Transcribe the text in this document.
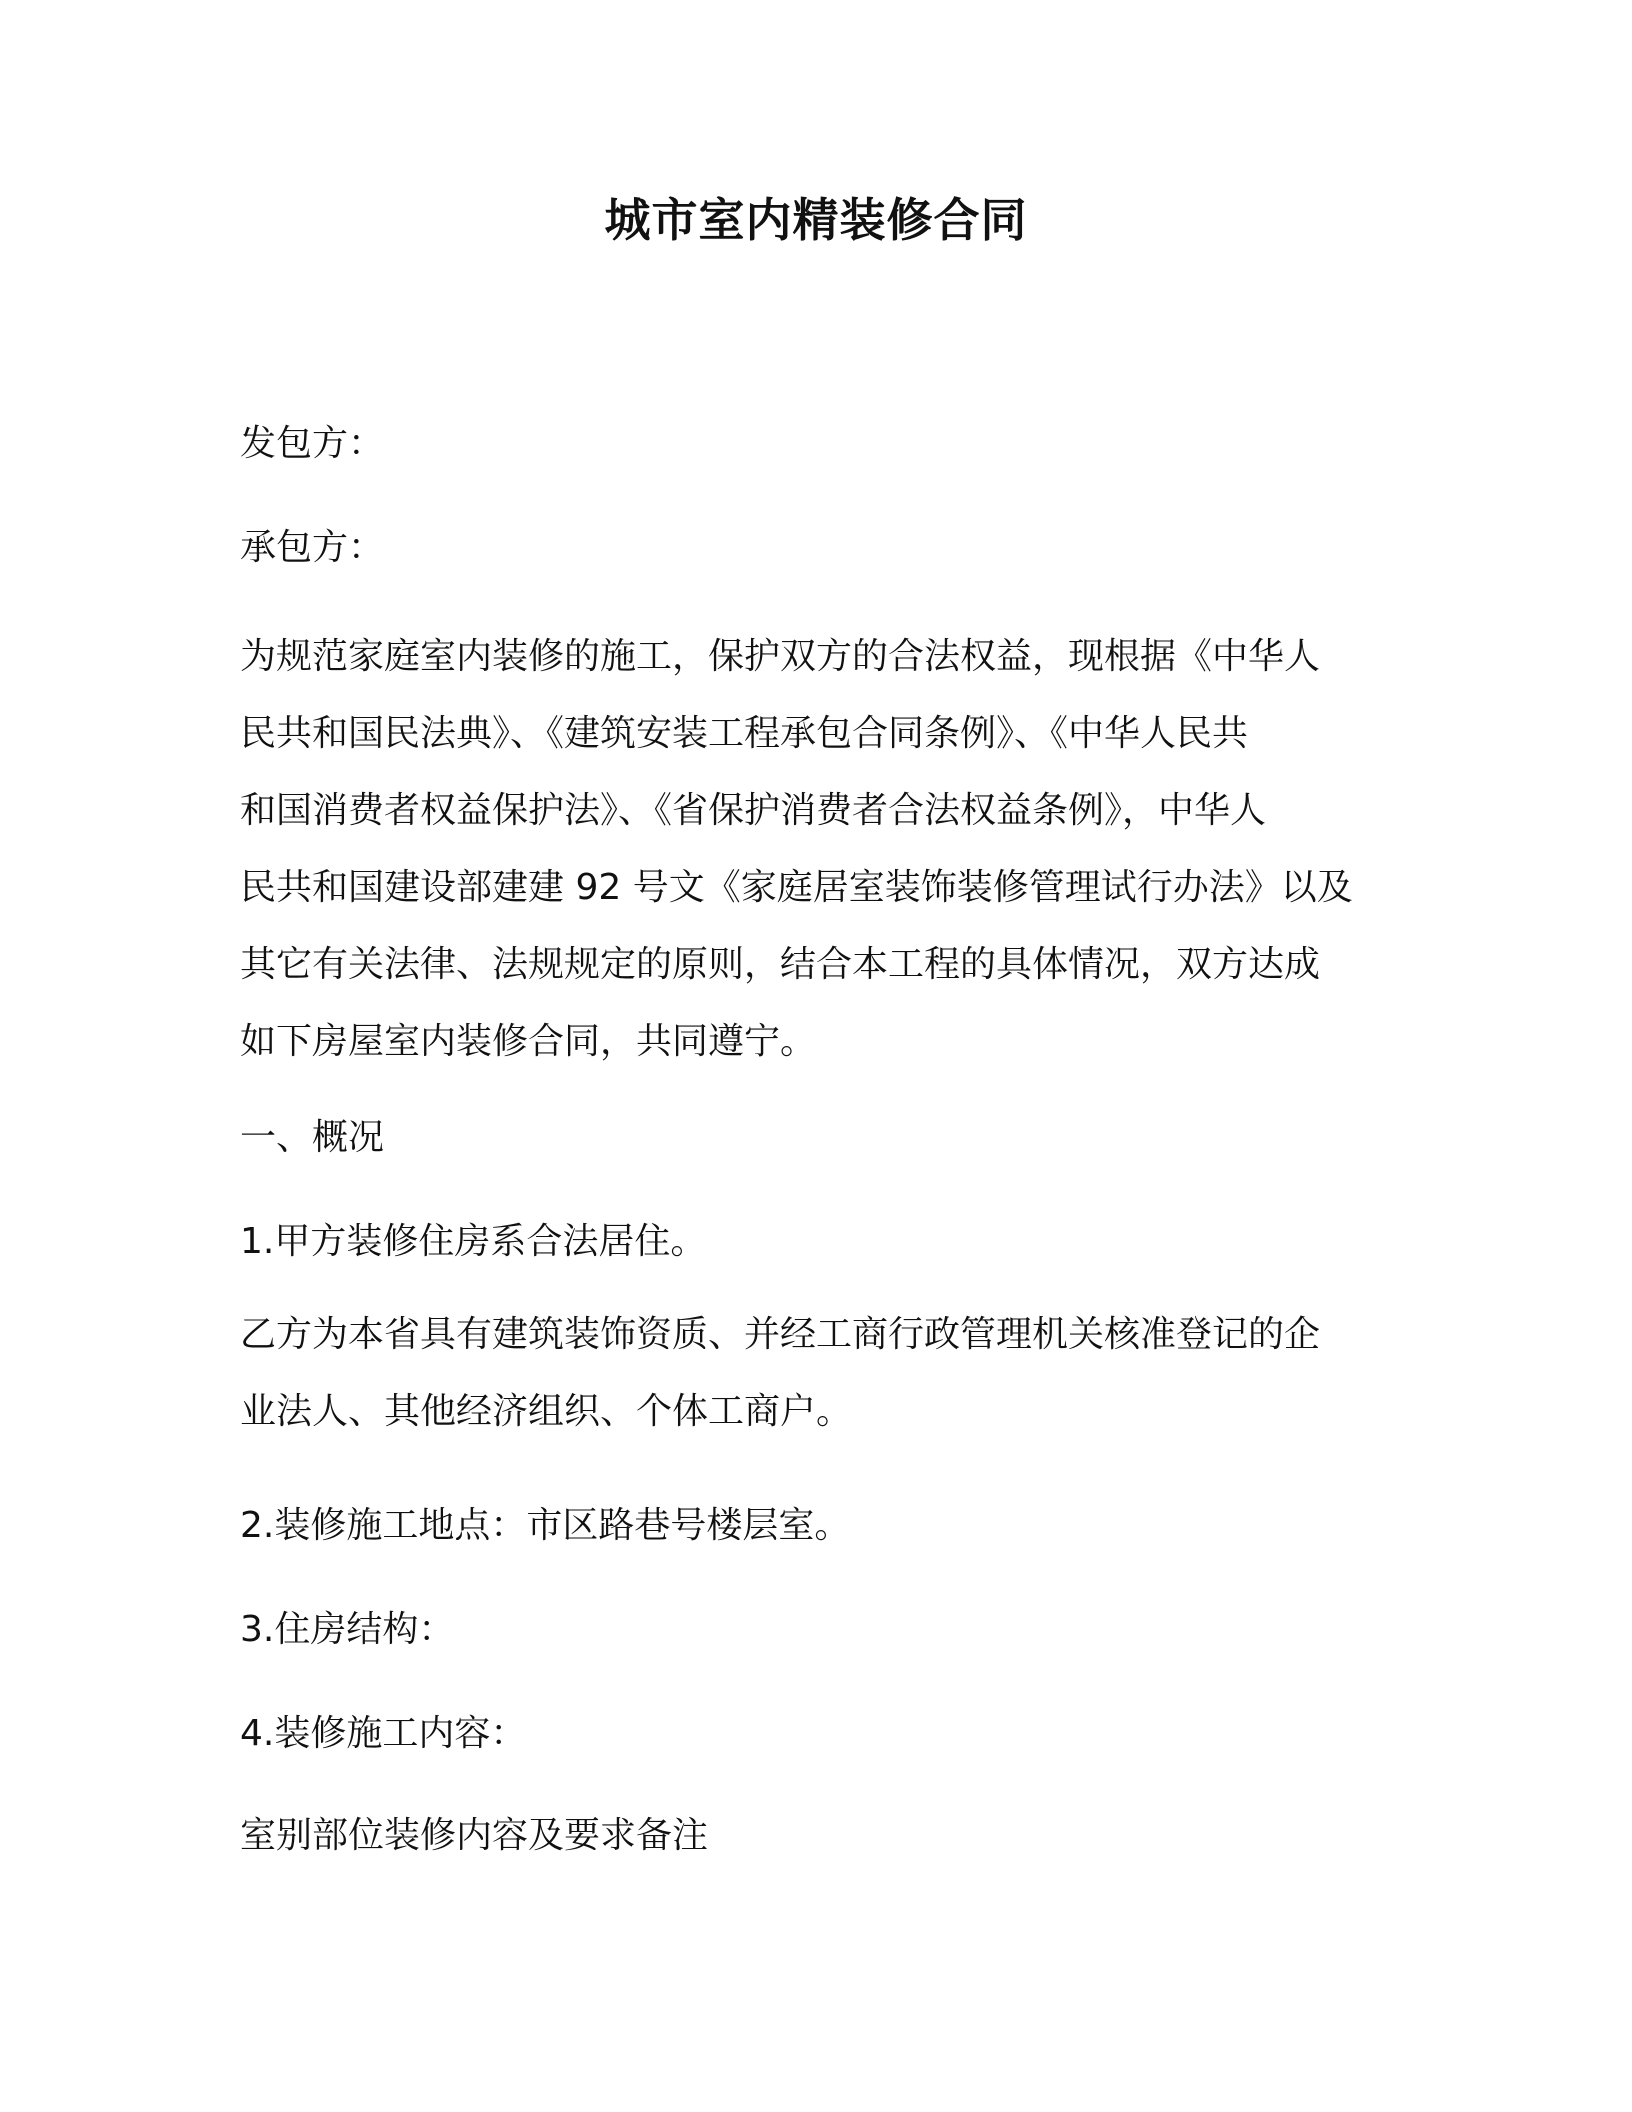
城市室内精装修合同
发包方：
承包方：
为规范家庭室内装修的施工，保护双方的合法权益，现根据《中华人
民共和国民法典》、《建筑安装工程承包合同条例》、《中华人民共
和国消费者权益保护法》、《省保护消费者合法权益条例》，中华人
民共和国建设部建建 92 号文《家庭居室装饰装修管理试行办法》以及
其它有关法律、法规规定的原则，结合本工程的具体情况，双方达成
如下房屋室内装修合同，共同遵宁。
一、概况
1.甲方装修住房系合法居住。
乙方为本省具有建筑装饰资质、并经工商行政管理机关核准登记的企
业法人、其他经济组织、个体工商户。
2.装修施工地点：市区路巷号楼层室。
3.住房结构：
4.装修施工内容：
室别部位装修内容及要求备注
